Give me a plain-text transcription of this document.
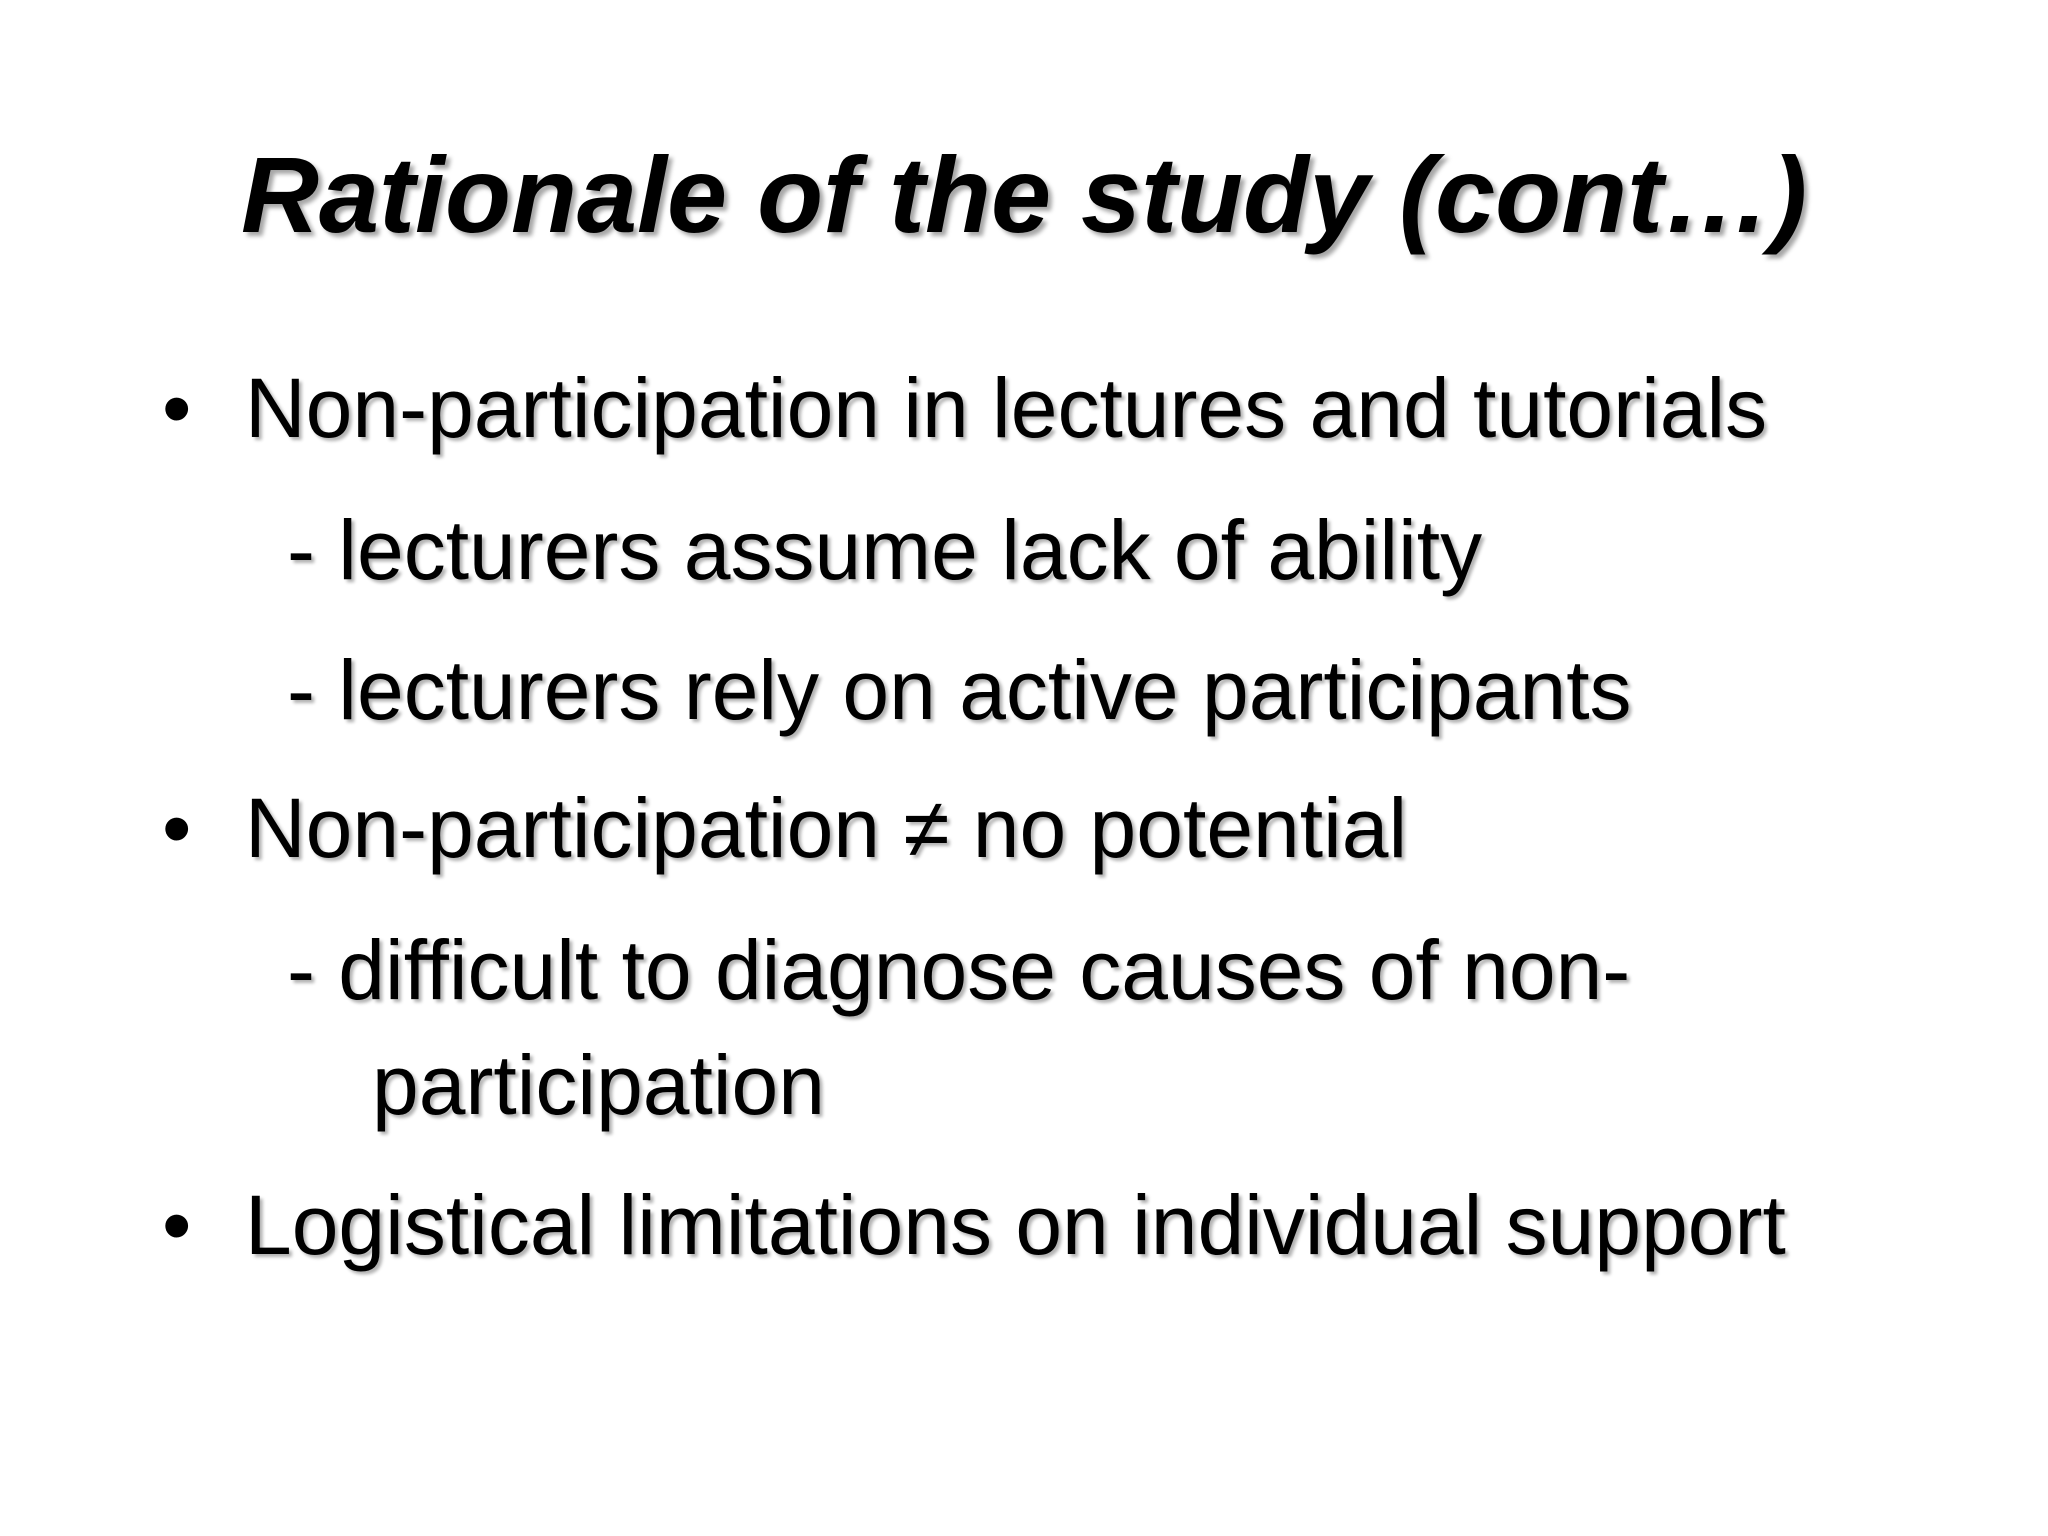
Rationale of the study (cont…)
• Non-participation in lectures and tutorials
- lecturers assume lack of ability
- lecturers rely on active participants
• Non-participation ≠ no potential
- difficult to diagnose causes of non-
participation
• Logistical limitations on individual support
